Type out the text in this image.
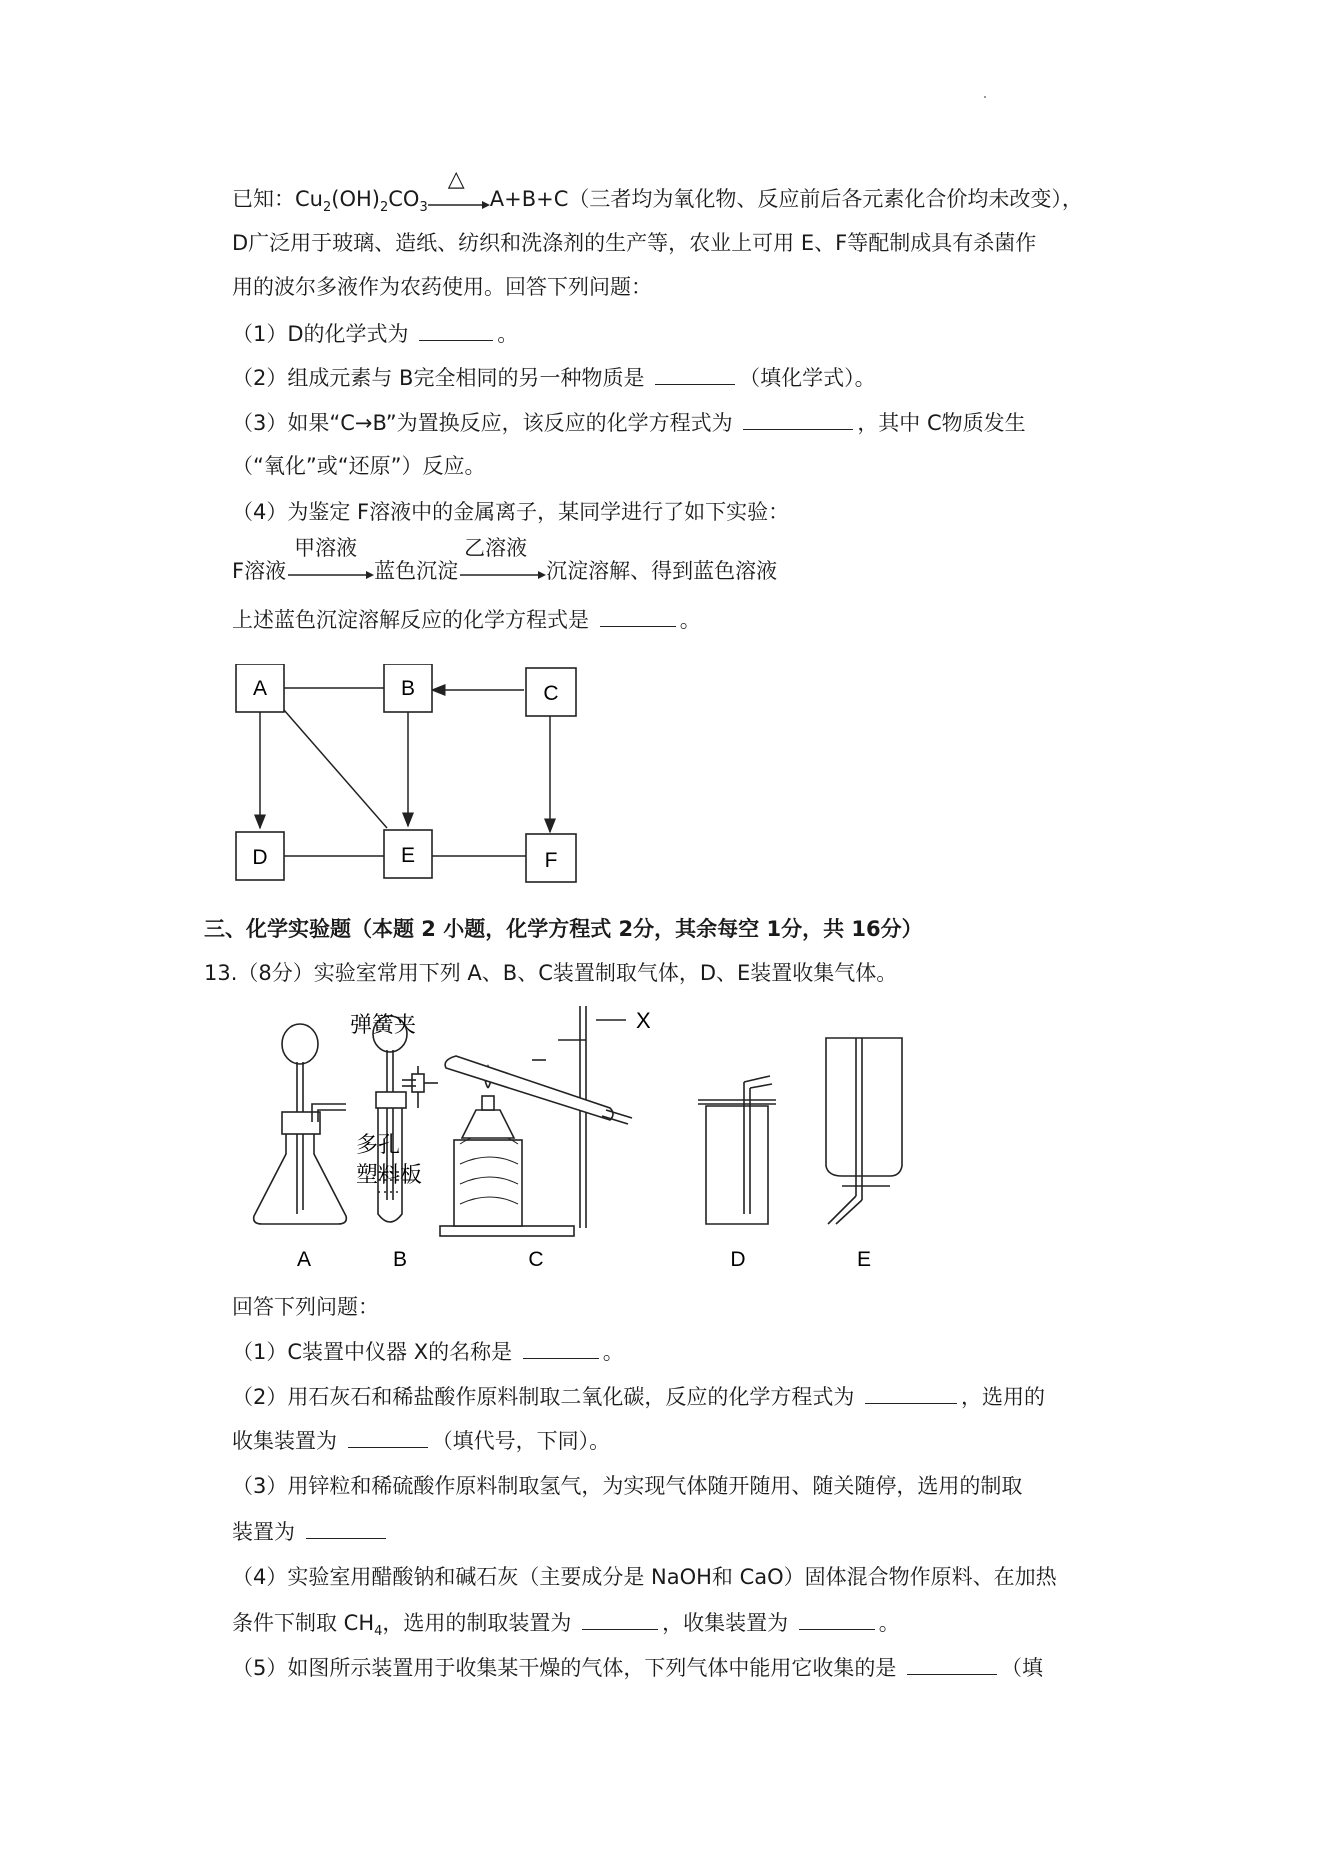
已知：$Cu_2(OH)_2CO_3$
△
A+B+C（三者均为氧化物、反应前后各元素化合价均未改变），
D广泛用于玻璃、造纸、纺织和洗涤剂的生产等，农业上可用 E、F等配制成具有杀菌作
用的波尔多液作为农药使用。回答下列问题：
（1）D的化学式为	。
（2）组成元素与 B完全相同的另一种物质是	（填化学式）。
（3）如果“C→B”为置换反应，该反应的化学方程式为	，其中 C物质发生
（“氧化”或“还原”）反应。
（4）为鉴定 F溶液中的金属离子，某同学进行了如下实验：
F溶液
甲溶液
蓝色沉淀
乙溶液
沉淀溶解、得到蓝色溶液
上述蓝色沉淀溶解反应的化学方程式是	。
A	B	C
D	E	F
三、化学实验题（本题 2 小题，化学方程式 2分，其余每空 1分，共 16分）
13.（8分）实验室常用下列 A、B、C装置制取气体，D、E装置收集气体。
弹簧夹
多孔
塑料板
X
A	B	C	D	E
回答下列问题：
（1）C装置中仪器 X的名称是	。
（2）用石灰石和稀盐酸作原料制取二氧化碳，反应的化学方程式为	，选用的
收集装置为	（填代号，下同）。
（3）用锌粒和稀硫酸作原料制取氢气，为实现气体随开随用、随关随停，选用的制取
装置为
（4）实验室用醋酸钠和碱石灰（主要成分是 NaOH和 CaO）固体混合物作原料、在加热
条件下制取 $CH_4$，选用的制取装置为	，收集装置为	。
（5）如图所示装置用于收集某干燥的气体，下列气体中能用它收集的是	（填
